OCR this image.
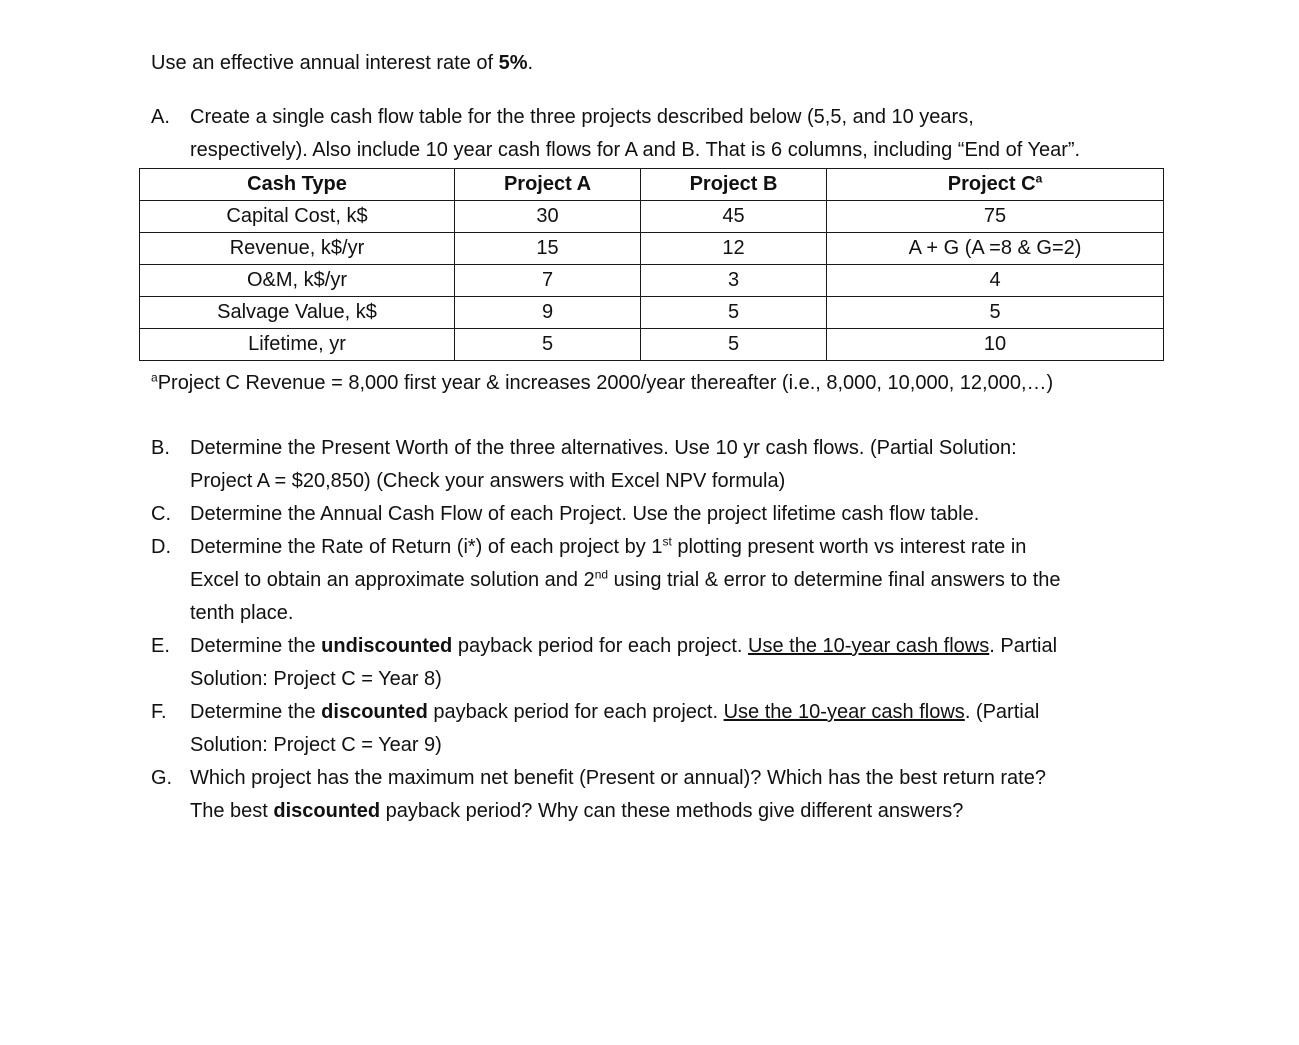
Use an effective annual interest rate of 5%.
A.	Create a single cash flow table for the three projects described below (5,5, and 10 years,
respectively). Also include 10 year cash flows for A and B. That is 6 columns, including “End of Year”.
Cash Type	Project A	Project B	Project $C^a$
Capital Cost, k$	30	45	75
Revenue, k$/yr	15	12	A + G (A =8 & G=2)
O&M, k$/yr	7	3	4
Salvage Value, k$	9	5	5
Lifetime, yr	5	5	10
$^a$Project C Revenue = 8,000 first year & increases 2000/year thereafter (i.e., 8,000, 10,000, 12,000,…)
B.	Determine the Present Worth of the three alternatives. Use 10 yr cash flows. (Partial Solution:
Project A = $20,850) (Check your answers with Excel NPV formula)
C. Determine the Annual Cash Flow of each Project. Use the project lifetime cash flow table.
D. Determine the Rate of Return (i*) of each project by 1st plotting present worth vs interest rate in
Excel to obtain an approximate solution and 2nd using trial & error to determine final answers to the
tenth place.
E.	Determine the undiscounted payback period for each project. Use the 10-year cash flows. Partial
Solution: Project C = Year 8)
F.	Determine the discounted payback period for each project. Use the 10-year cash flows. (Partial
Solution: Project C = Year 9)
G. Which project has the maximum net benefit (Present or annual)? Which has the best return rate?
The best discounted payback period? Why can these methods give different answers?
